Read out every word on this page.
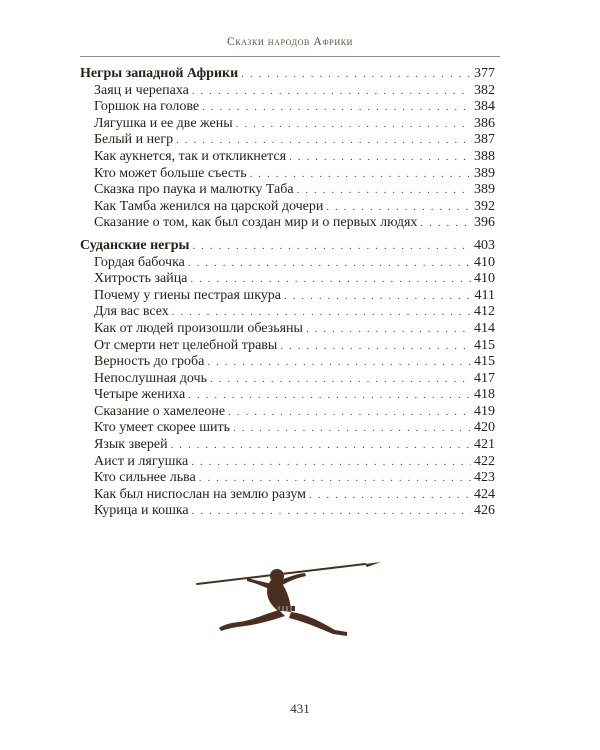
Сказки народов Африки
Негры западной Африки . . .	377
Заяц и черепаха . . .	382
Горшок на голове . . .	384
Лягушка и ее две жены . . .	386
Белый и негр . . .	387
Как аукнется, так и откликнется . . .	388
Кто может больше съесть . . .	389
Сказка про паука и малютку Таба . . .	389
Как Тамба женился на царской дочери . . .	392
Сказание о том, как был создан мир и о первых людях . . .	396
Суданские негры . . .	403
Гордая бабочка . . .	410
Хитрость зайца . . .	410
Почему у гиены пестрая шкура . . .	411
Для вас всех . . .	412
Как от людей произошли обезьяны . . .	414
От смерти нет целебной травы . . .	415
Верность до гроба . . .	415
Непослушная дочь . . .	417
Четыре жениха . . .	418
Сказание о хамелеоне . . .	419
Кто умеет скорее шить . . .	420
Язык зверей . . .	421
Аист и лягушка . . .	422
Кто сильнее льва . . .	423
Как был ниспослан на землю разум . . .	424
Курица и кошка . . .	426
431
